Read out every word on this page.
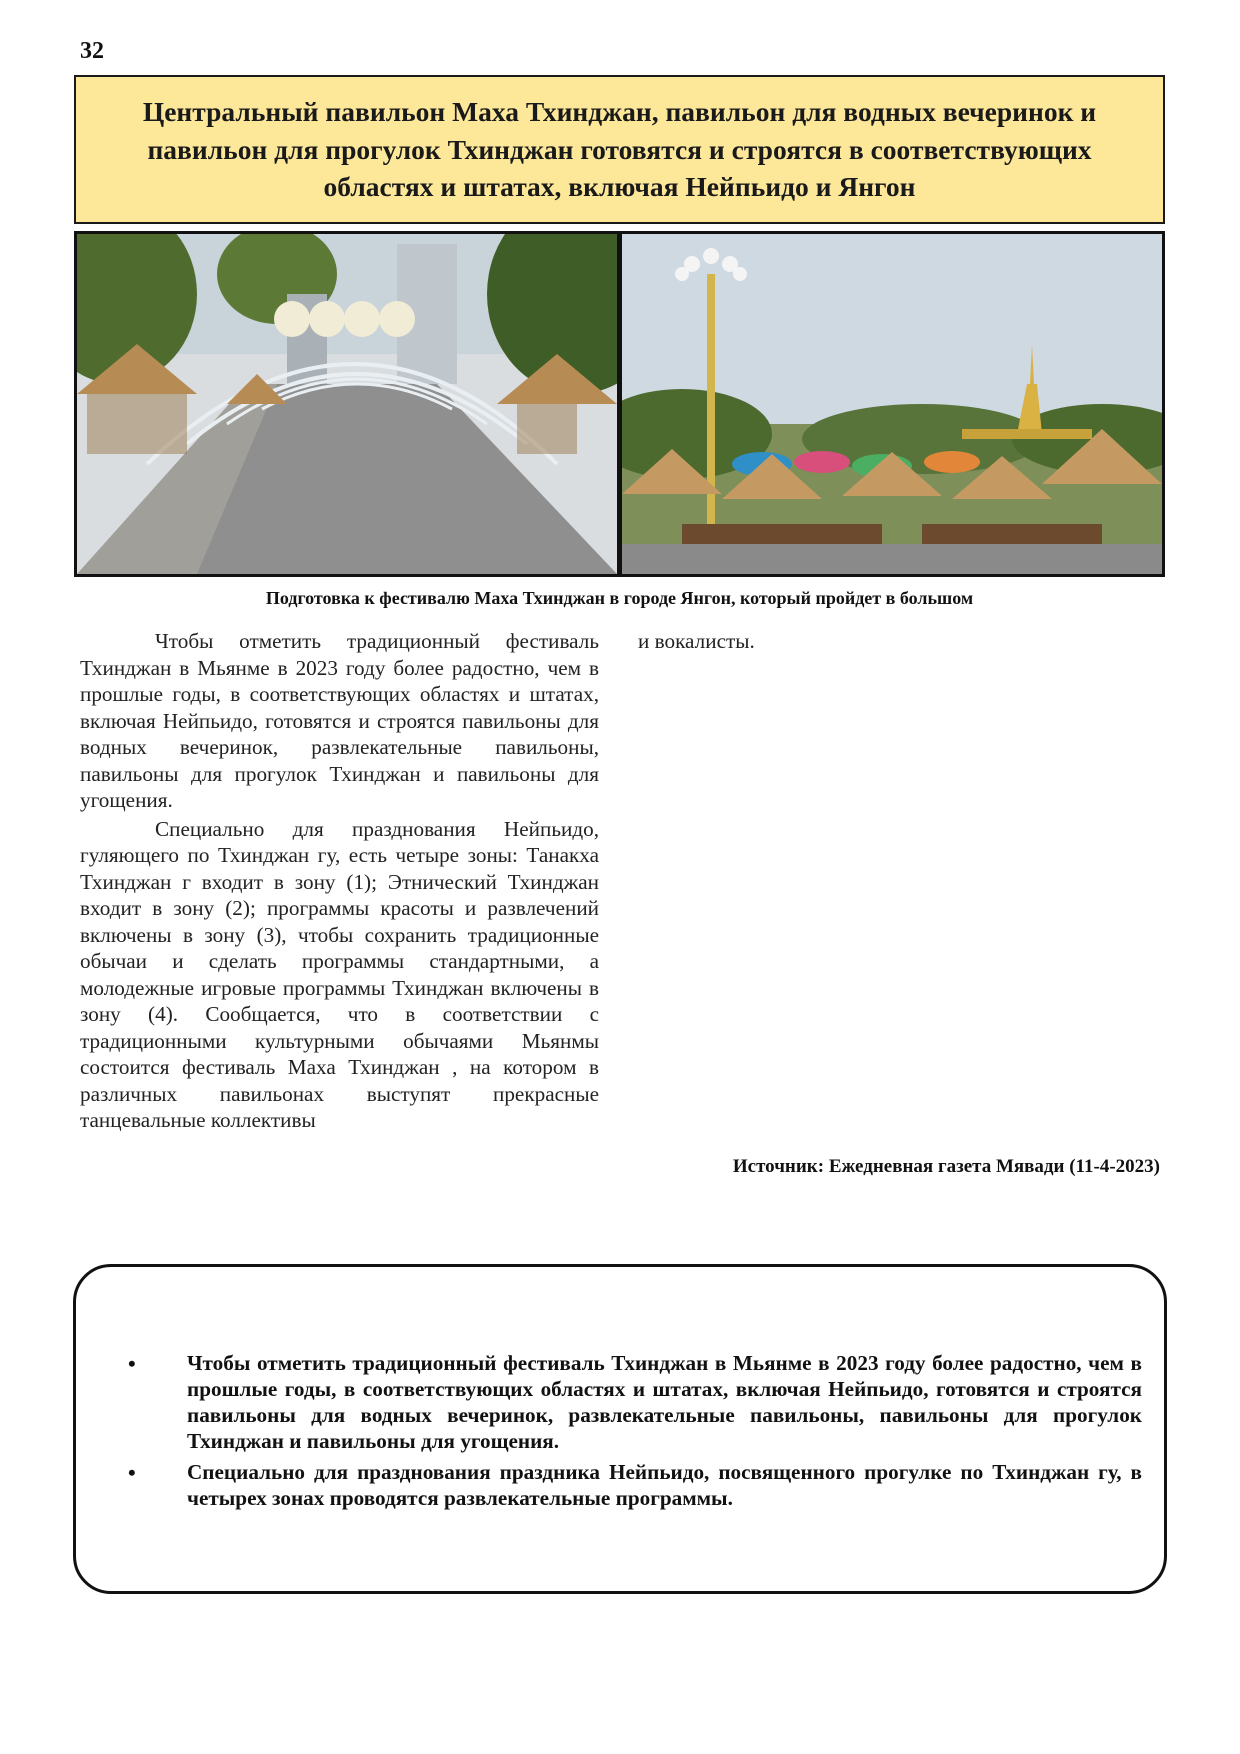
32
Центральный павильон Маха Тхинджан, павильон для водных вечеринок и павильон для прогулок Тхинджан готовятся и строятся в соответствующих областях и штатах, включая Нейпьидо и Янгон
Подготовка к фестивалю Маха Тхинджан в городе Янгон, который пройдет в большом

Чтобы отметить традиционный фестиваль Тхинджан в Мьянме в 2023 году более радостно, чем в прошлые годы, в соответствующих областях и штатах, включая Нейпьидо, готовятся и строятся павильоны для водных вечеринок, развлекательные павильоны, павильоны для прогулок Тхинджан и павильоны для угощения.

Специально для празднования Нейпьидо, гуляющего по Тхинджан гу, есть четыре зоны: Танакха Тхинджан г входит в зону (1); Этнический Тхинджан входит в зону (2); программы красоты и развлечений включены в зону (3), чтобы сохранить традиционные обычаи и сделать программы стандартными, а молодежные игровые программы Тхинджан включены в зону (4). Сообщается, что в соответствии с традиционными культурными обычаями Мьянмы состоится фестиваль Маха Тхинджан , на котором в различных павильонах выступят прекрасные танцевальные коллективы

и вокалисты.
Источник: Ежедневная газета Мявади (11-4-2023)
• Чтобы отметить традиционный фестиваль Тхинджан в Мьянме в 2023 году более радостно, чем в прошлые годы, в соответствующих областях и штатах, включая Нейпьидо, готовятся и строятся павильоны для водных вечеринок, развлекательные павильоны, павильоны для прогулок Тхинджан и павильоны для угощения.
• Специально для празднования праздника Нейпьидо, посвященного прогулке по Тхинджан гу, в четырех зонах проводятся развлекательные программы.
